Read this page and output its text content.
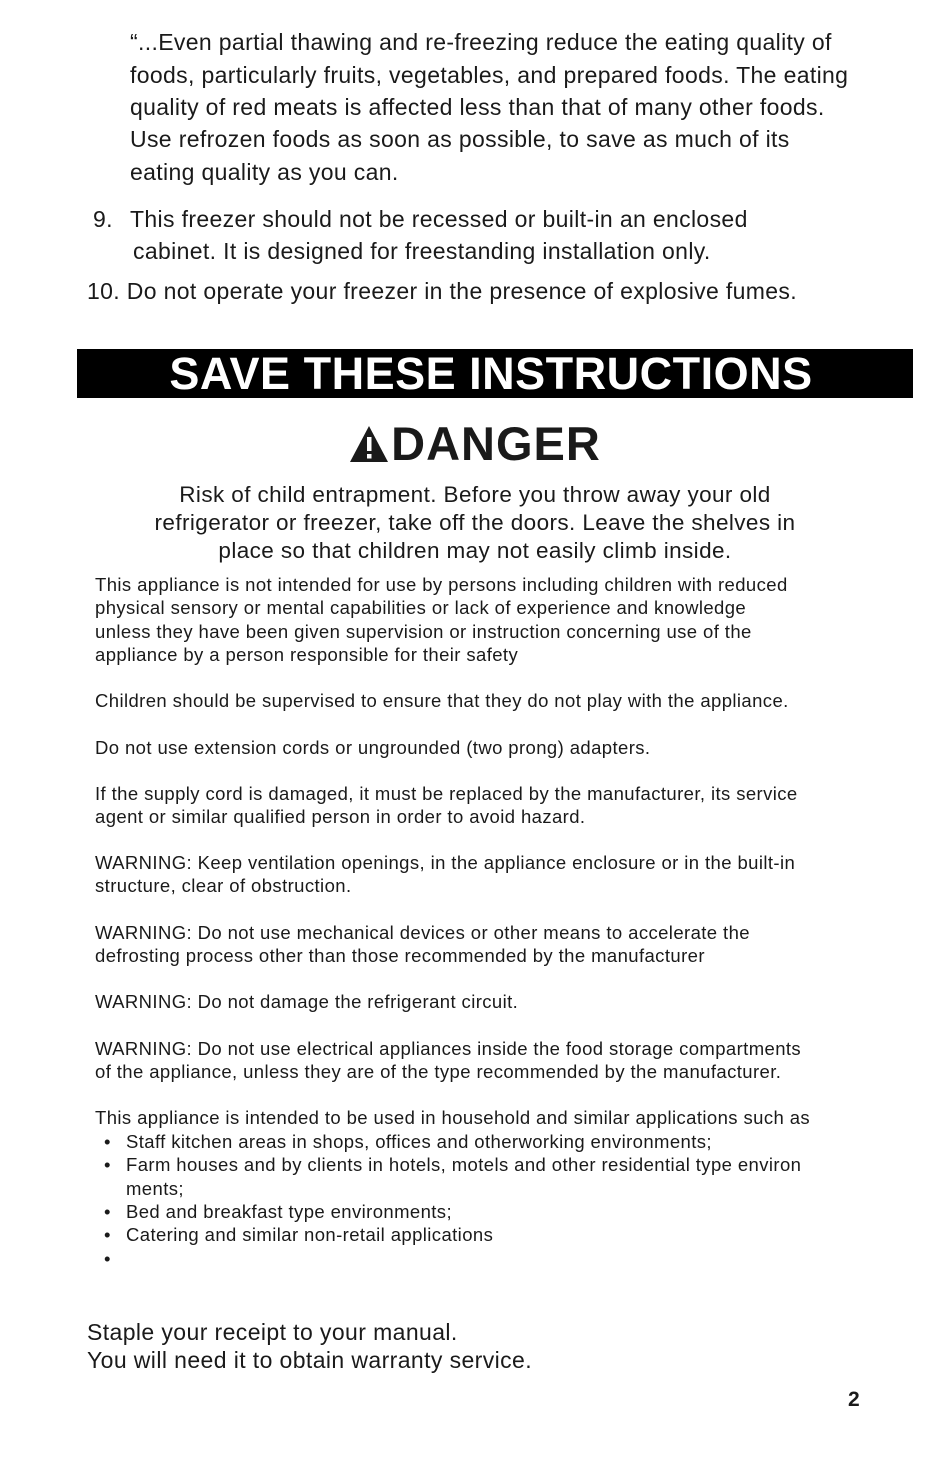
“...Even partial thawing and re-freezing reduce the eating quality of
foods, particularly fruits, vegetables, and prepared foods. The eating
quality of red meats is affected less than that of many other foods.
Use refrozen foods as soon as possible, to save as much of its
eating quality as you can.
9. This freezer should not be recessed or built-in an enclosed
cabinet. It is designed for freestanding installation only.
10. Do not operate your freezer in the presence of explosive fumes.
SAVE THESE INSTRUCTIONS
DANGER
Risk of child entrapment. Before you throw away your old
refrigerator or freezer, take off the doors. Leave the shelves in
place so that children may not easily climb inside.
This appliance is not intended for use by persons including children with reduced
physical sensory or mental capabilities or lack of experience and knowledge
unless they have been given supervision or instruction concerning use of the
appliance by a person responsible for their safety
Children should be supervised to ensure that they do not play with the appliance.
Do not use extension cords or ungrounded (two prong) adapters.
If the supply cord is damaged, it must be replaced by the manufacturer, its service
agent or similar qualified person in order to avoid hazard.
WARNING: Keep ventilation openings, in the appliance enclosure or in the built-in
structure, clear of obstruction.
WARNING: Do not use mechanical devices or other means to accelerate the
defrosting process other than those recommended by the manufacturer
WARNING: Do not damage the refrigerant circuit.
WARNING: Do not use electrical appliances inside the food storage compartments
of the appliance, unless they are of the type recommended by the manufacturer.
This appliance is intended to be used in household and similar applications such as
• Staff kitchen areas in shops, offices and otherworking environments;
• Farm houses and by clients in hotels, motels and other residential type environ
ments;
• Bed and breakfast type environments;
• Catering and similar non-retail applications
•
Staple your receipt to your manual.
You will need it to obtain warranty service.
2
